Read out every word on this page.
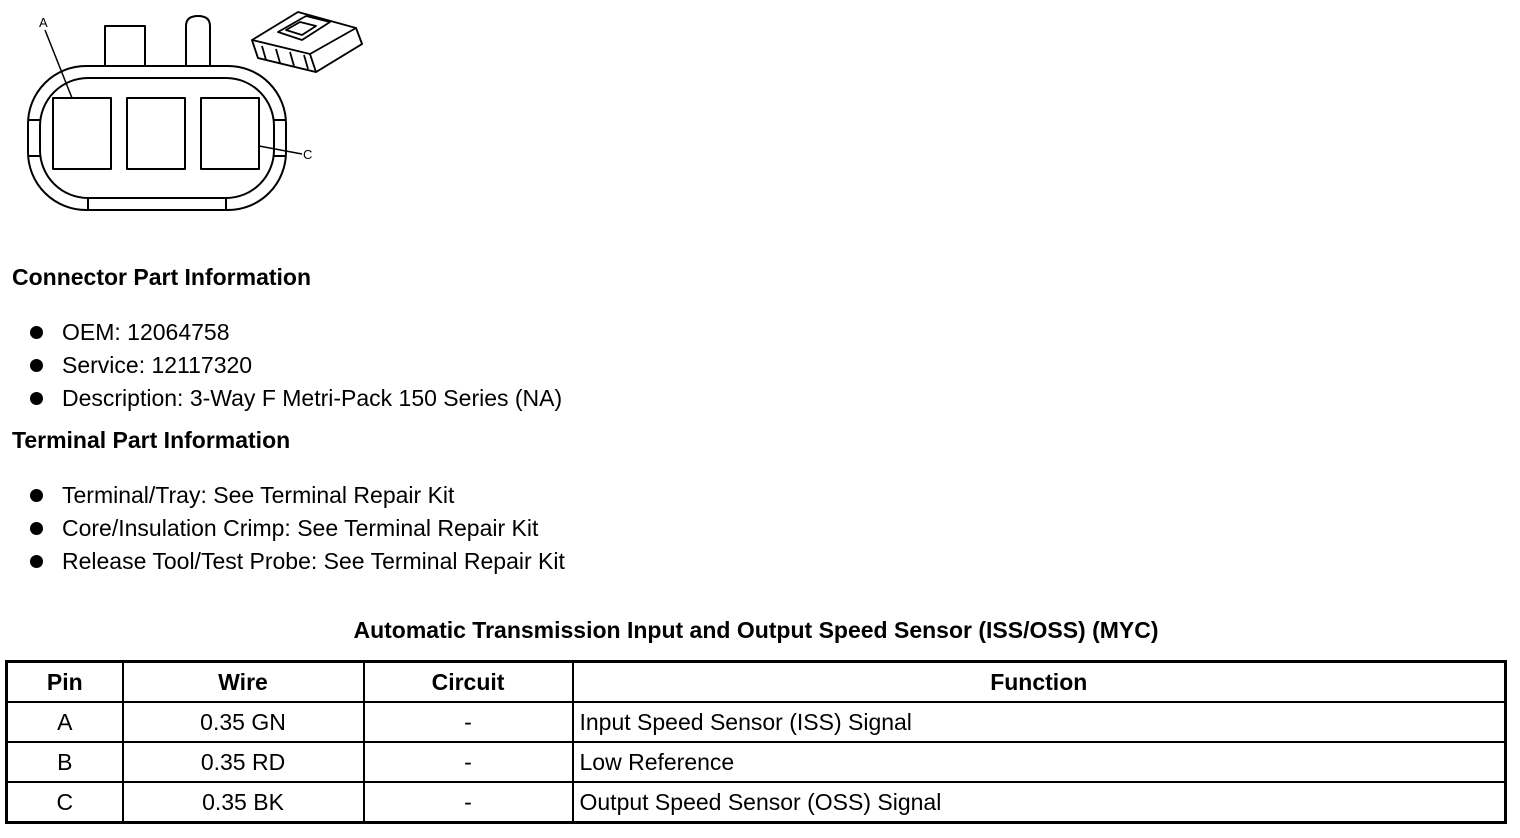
A
C
Connector Part Information
OEM: 12064758
Service: 12117320
Description: 3-Way F Metri-Pack 150 Series (NA)
Terminal Part Information
Terminal/Tray: See Terminal Repair Kit
Core/Insulation Crimp: See Terminal Repair Kit
Release Tool/Test Probe: See Terminal Repair Kit
Automatic Transmission Input and Output Speed Sensor (ISS/OSS) (MYC)
Pin	Wire	Circuit	Function
A	0.35 GN	-	Input Speed Sensor (ISS) Signal
B	0.35 RD	-	Low Reference
C	0.35 BK	-	Output Speed Sensor (OSS) Signal
